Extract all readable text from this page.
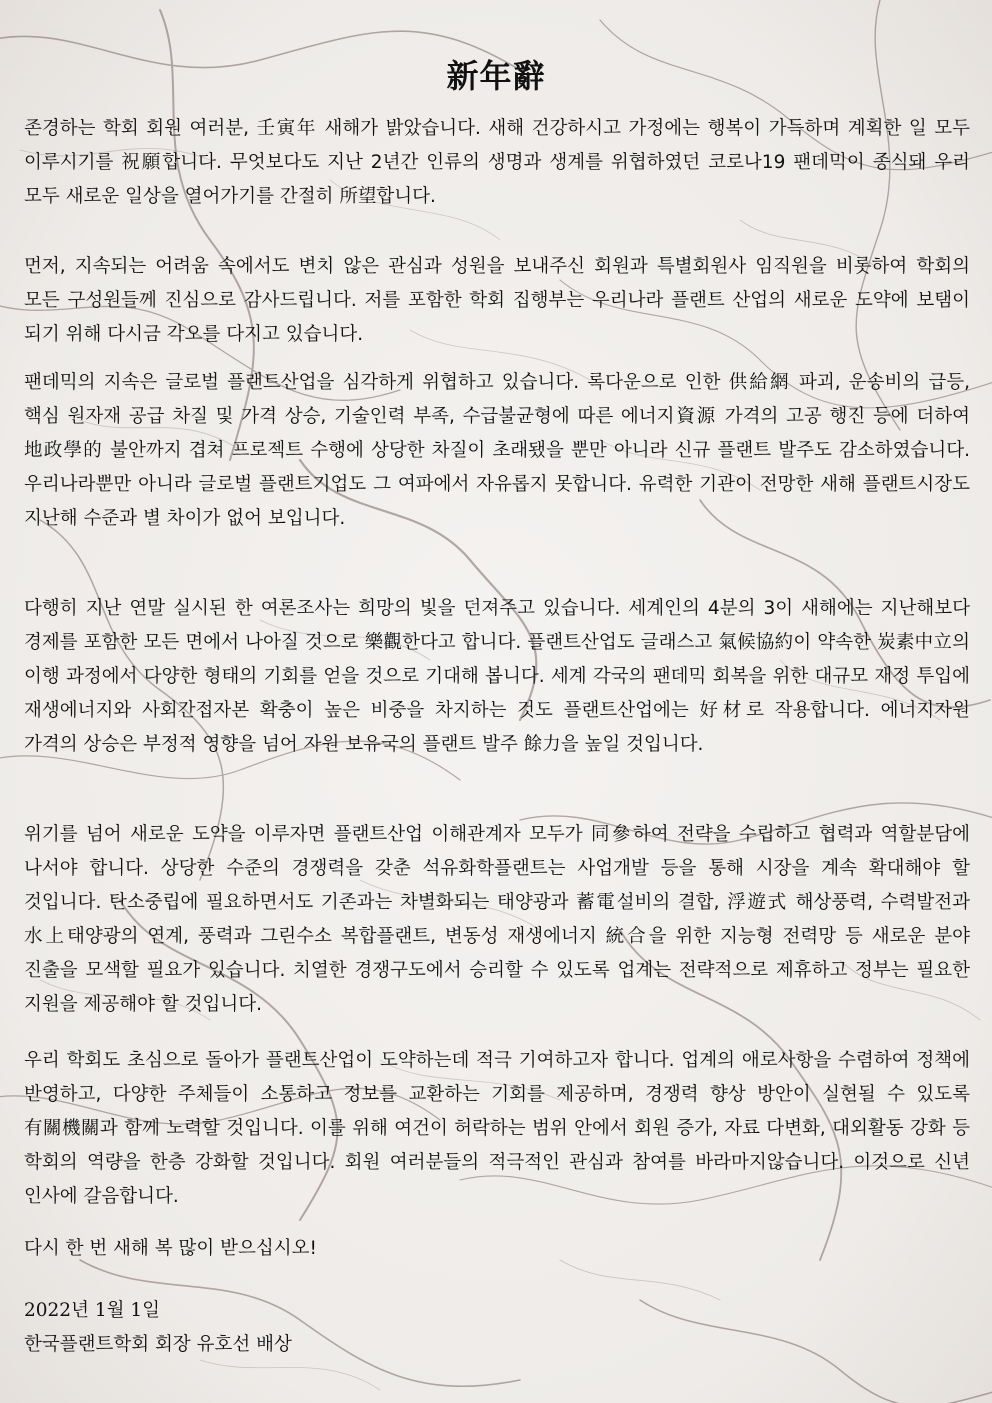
新年辭

존경하는 학회 회원 여러분, 壬寅年 새해가 밝았습니다. 새해 건강하시고 가정에는 행복이 가득하며 계획한 일 모두 이루시기를 祝願합니다. 무엇보다도 지난 2년간 인류의 생명과 생계를 위협하였던 코로나19 팬데믹이 종식돼 우리 모두 새로운 일상을 열어가기를 간절히 所望합니다.

먼저, 지속되는 어려움 속에서도 변치 않은 관심과 성원을 보내주신 회원과 특별회원사 임직원을 비롯하여 학회의 모든 구성원들께 진심으로 감사드립니다. 저를 포함한 학회 집행부는 우리나라 플랜트 산업의 새로운 도약에 보탬이 되기 위해 다시금 각오를 다지고 있습니다.

팬데믹의 지속은 글로벌 플랜트산업을 심각하게 위협하고 있습니다. 록다운으로 인한 供給網 파괴, 운송비의 급등, 핵심 원자재 공급 차질 및 가격 상승, 기술인력 부족, 수급불균형에 따른 에너지資源 가격의 고공 행진 등에 더하여 地政學的 불안까지 겹쳐 프로젝트 수행에 상당한 차질이 초래됐을 뿐만 아니라 신규 플랜트 발주도 감소하였습니다. 우리나라뿐만 아니라 글로벌 플랜트기업도 그 여파에서 자유롭지 못합니다. 유력한 기관이 전망한 새해 플랜트시장도 지난해 수준과 별 차이가 없어 보입니다.

다행히 지난 연말 실시된 한 여론조사는 희망의 빛을 던져주고 있습니다. 세계인의 4분의 3이 새해에는 지난해보다 경제를 포함한 모든 면에서 나아질 것으로 樂觀한다고 합니다. 플랜트산업도 글래스고 氣候協約이 약속한 炭素中立의 이행 과정에서 다양한 형태의 기회를 얻을 것으로 기대해 봅니다. 세계 각국의 팬데믹 회복을 위한 대규모 재정 투입에 재생에너지와 사회간접자본 확충이 높은 비중을 차지하는 것도 플랜트산업에는 好材로 작용합니다. 에너지자원 가격의 상승은 부정적 영향을 넘어 자원 보유국의 플랜트 발주 餘力을 높일 것입니다.

위기를 넘어 새로운 도약을 이루자면 플랜트산업 이해관계자 모두가 同參하여 전략을 수립하고 협력과 역할분담에 나서야 합니다. 상당한 수준의 경쟁력을 갖춘 석유화학플랜트는 사업개발 등을 통해 시장을 계속 확대해야 할 것입니다. 탄소중립에 필요하면서도 기존과는 차별화되는 태양광과 蓄電설비의 결합, 浮遊式 해상풍력, 수력발전과 水上태양광의 연계, 풍력과 그린수소 복합플랜트, 변동성 재생에너지 統合을 위한 지능형 전력망 등 새로운 분야 진출을 모색할 필요가 있습니다. 치열한 경쟁구도에서 승리할 수 있도록 업계는 전략적으로 제휴하고 정부는 필요한 지원을 제공해야 할 것입니다.

우리 학회도 초심으로 돌아가 플랜트산업이 도약하는데 적극 기여하고자 합니다. 업계의 애로사항을 수렴하여 정책에 반영하고, 다양한 주체들이 소통하고 정보를 교환하는 기회를 제공하며, 경쟁력 향상 방안이 실현될 수 있도록 有關機關과 함께 노력할 것입니다. 이를 위해 여건이 허락하는 범위 안에서 회원 증가, 자료 다변화, 대외활동 강화 등 학회의 역량을 한층 강화할 것입니다. 회원 여러분들의 적극적인 관심과 참여를 바라마지않습니다. 이것으로 신년 인사에 갈음합니다.

다시 한 번 새해 복 많이 받으십시오!

2022년 1월 1일

한국플랜트학회 회장 유호선 배상
